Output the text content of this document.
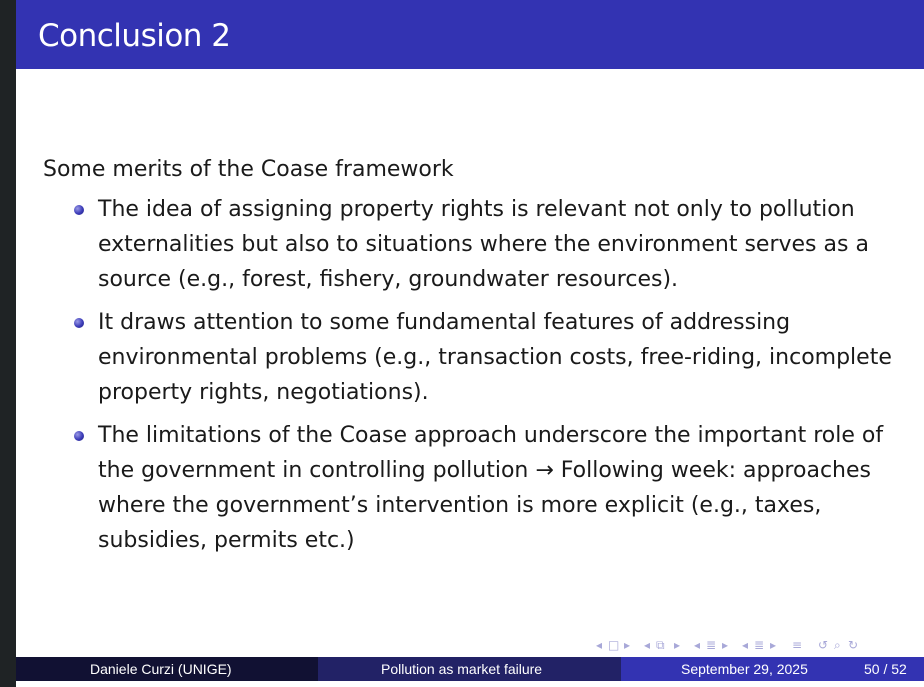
Conclusion 2
Some merits of the Coase framework
The idea of assigning property rights is relevant not only to pollution externalities but also to situations where the environment serves as a source (e.g., forest, fishery, groundwater resources).
It draws attention to some fundamental features of addressing environmental problems (e.g., transaction costs, free-riding, incomplete property rights, negotiations).
The limitations of the Coase approach underscore the important role of the government in controlling pollution → Following week: approaches where the government’s intervention is more explicit (e.g., taxes, subsidies, permits etc.)
◂ □ ▸ ◂ ⧉ ▸ ◂ ≣ ▸ ◂ ≣ ▸ ≡ ↺ ⌕ ↻
Daniele Curzi (UNIGE)	Pollution as market failure	September 29, 2025	50 / 52
